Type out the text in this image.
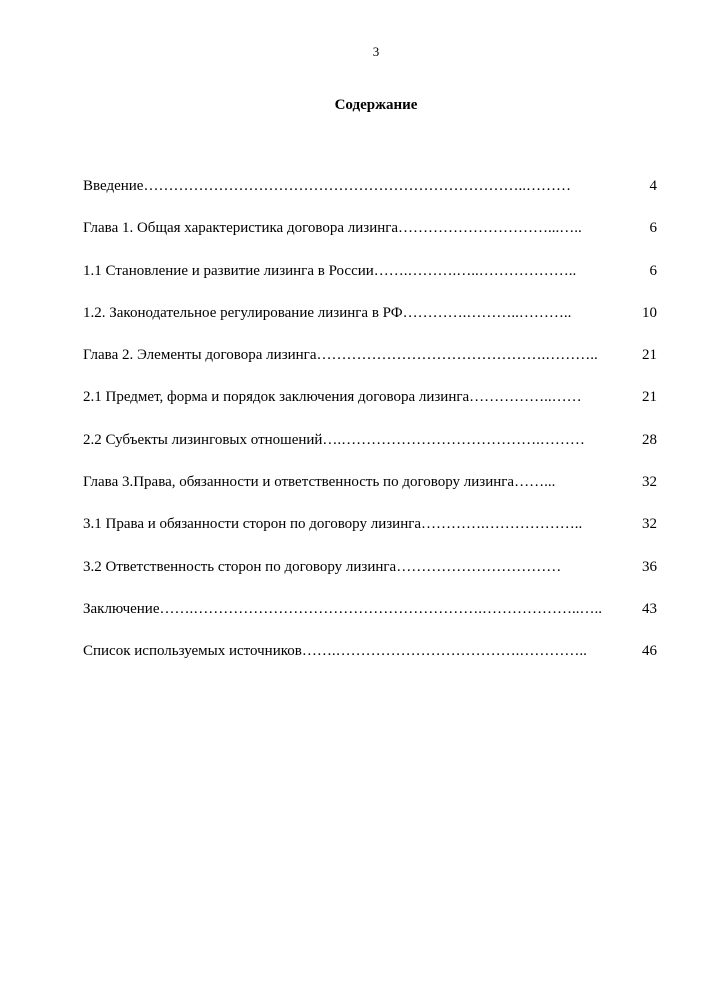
3
Содержание
Введение…………………………………………………………………..………	4
Глава 1. Общая характеристика договора лизинга…………………………...…..	6
1.1 Становление и развитие лизинга в России…….……….…..………………..	6
1.2. Законодательное регулирование лизинга в РФ………….………..………..	10
Глава 2. Элементы договора лизинга……………………………………….………..	21
2.1 Предмет, форма и порядок заключения договора лизинга……………..……	21
2.2 Субъекты лизинговых отношений….………………………………….………	28
Глава 3.Права, обязанности и ответственность по договору лизинга……...	32
3.1 Права и обязанности сторон по договору лизинга………….………………..	32
3.2 Ответственность сторон по договору лизинга……………………………	36
Заключение…….………………………………………………….………………..…..	43
Список используемых источников…….……………………………….…………..	46
